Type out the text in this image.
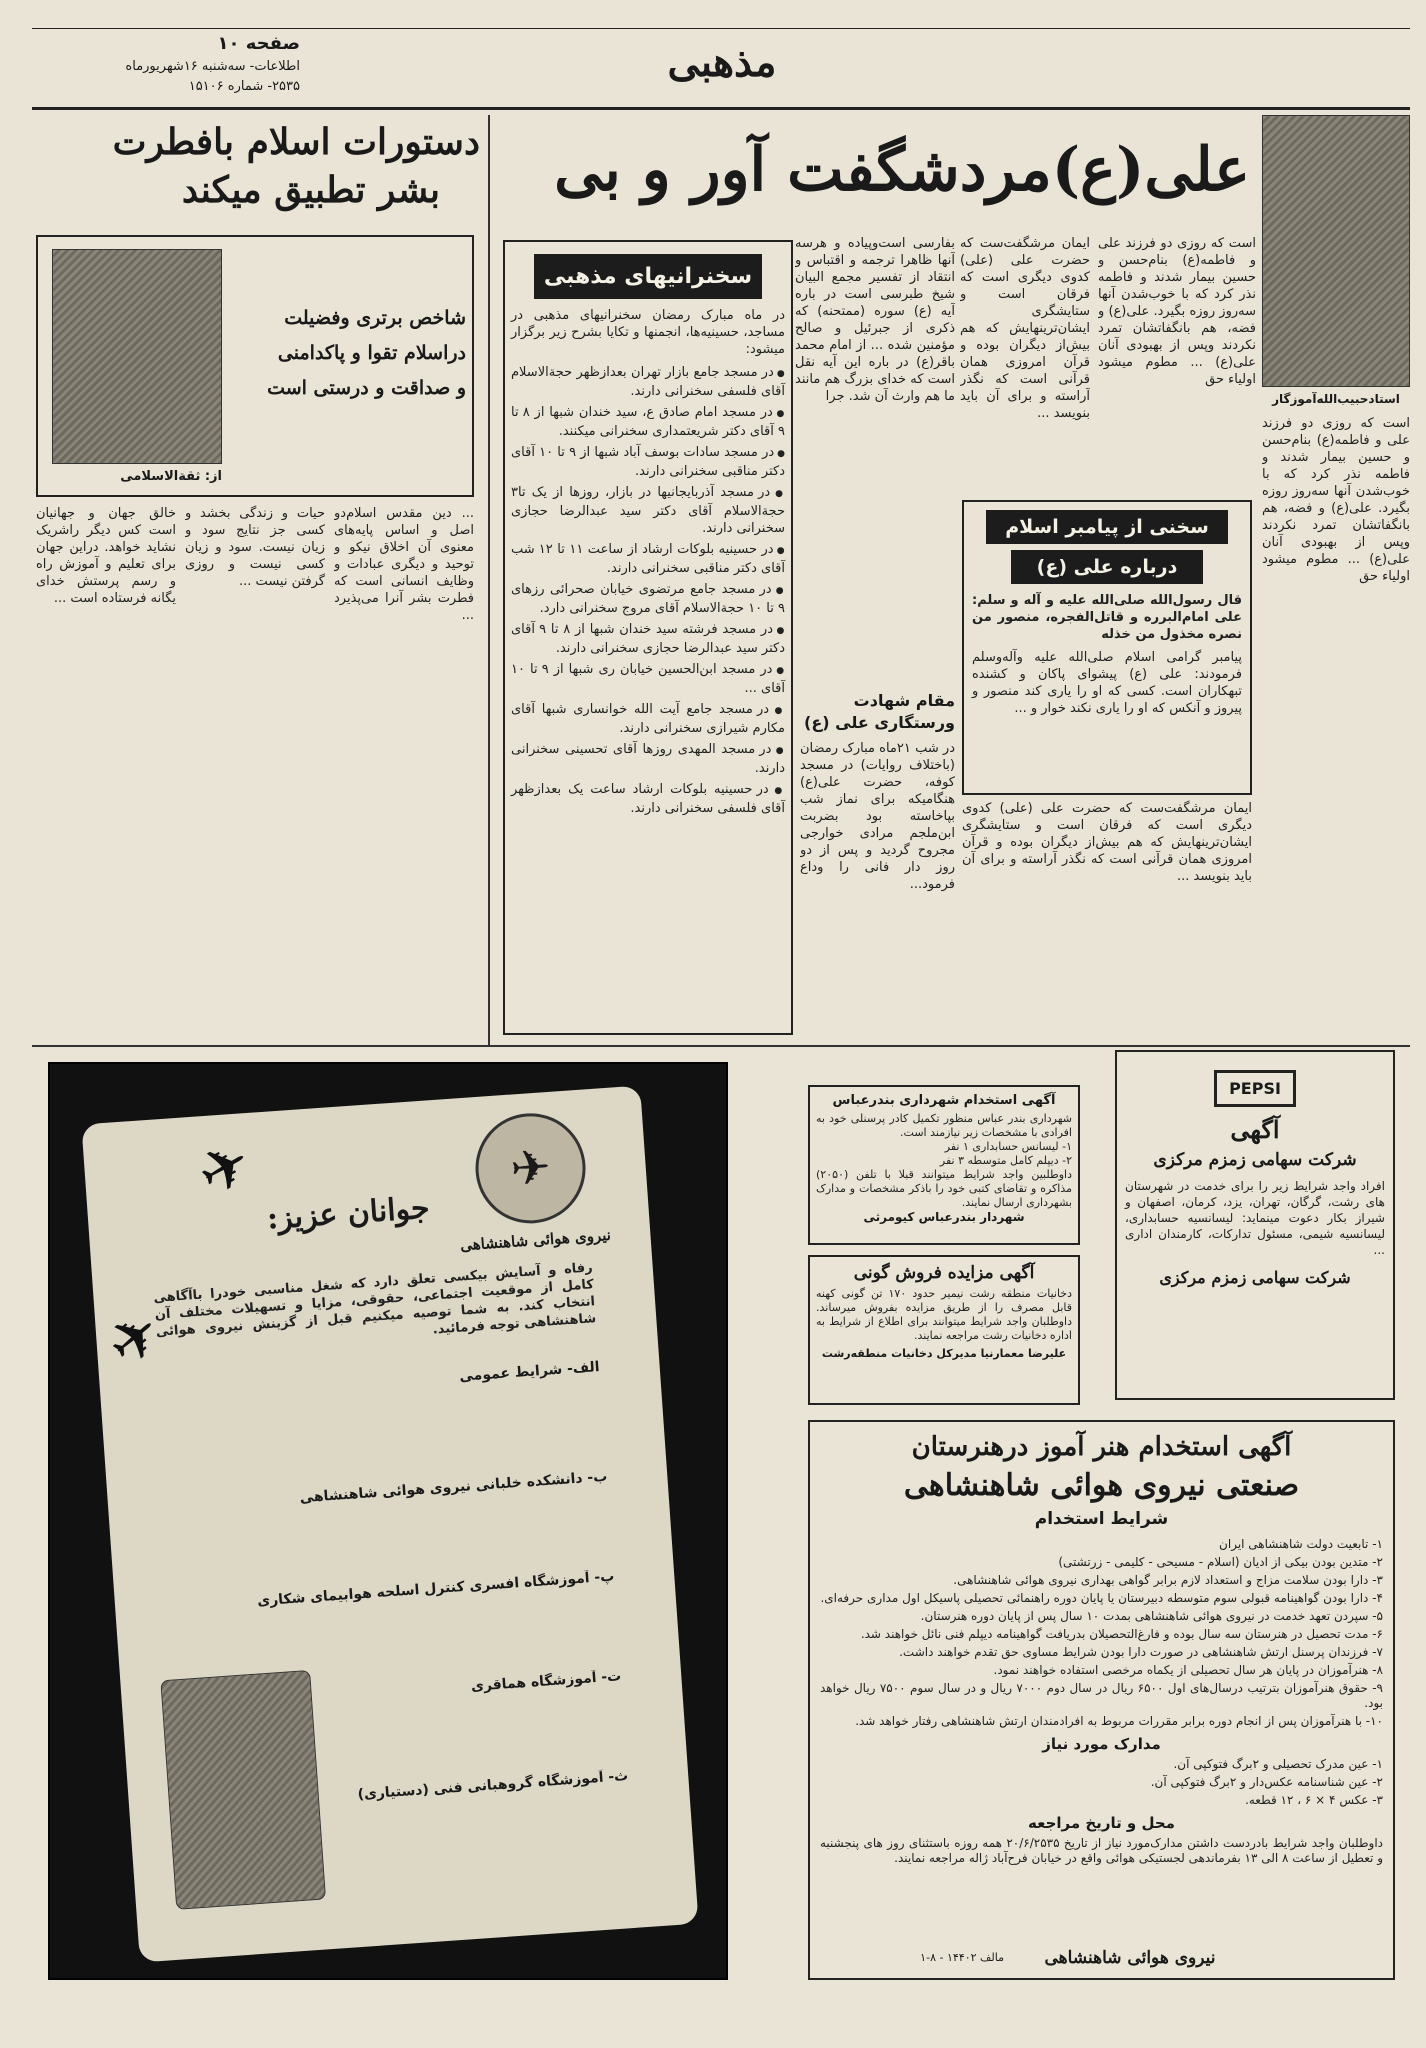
صفحه ۱۰
اطلاعات- سه‌شنبه ۱۶شهریورماه
۲۵۳۵- شماره ۱۵۱۰۶
مذهبی
استادحبیب‌الله‌آموزگار
علی(ع)مردشگفت آور و بی
است که روزی دو فرزند علی و فاطمه(ع) بنام‌حسن و حسین بیمار شدند و فاطمه نذر کرد که با خوب‌شدن آنها سه‌روز روزه بگیرد. علی(ع) و فضه، هم بانگفاتشان‌ تمرد نکردند وپس از بهبودی آنان علی(ع) ... مطوم میشود اولیاء حق
است که روزی دو فرزند علی و فاطمه(ع) بنام‌حسن و حسین بیمار شدند و فاطمه نذر کرد که با خوب‌شدن آنها سه‌روز روزه بگیرد. علی(ع) و فضه، هم بانگفاتشان‌ تمرد نکردند وپس از بهبودی آنان علی(ع) ... مطوم میشود اولیاء حق
ایمان مرشگفت‌ست که حضرت علی (علی) کدوی دیگری است که فرقان است و ستایشگری ایشان‌ترینهایش که هم بیش‌از دیگران بوده و قرآن امروزی همان قرآنی است که نگذر آراسته و برای آن باید بنویسد ...
بفارسی است‌وپیاده و هرسه آنها ظاهرا ترجمه و اقتباس و انتقاد از تفسیر مجمع البیان شیخ طبرسی است در باره آیه (ع) سوره (ممتحنه) که ذکری از جبرئیل و صالح مؤمنین شده ... از امام محمد باقر(ع) در باره این آیه نقل است که خدای بزرگ هم مانند ما هم وارث آن شد. جرا
سخنرانیهای مذهبی
در ماه مبارک رمضان سخنرانیهای مذهبی در مساجد، حسینیه‌ها، انجمنها و تکایا بشرح زیر برگزار میشود:
● در مسجد جامع بازار تهران بعدازظهر حجة‌الاسلام آقای فلسفی سخنرانی دارند.
● در مسجد امام صادق ع، سید خندان شبها از ۸ تا ۹ آقای دکتر شریعتمداری سخنرانی میکنند.
● در مسجد سادات بوسف آباد شبها از ۹ تا ۱۰ آقای دکتر مناقبی سخنرانی دارند.
● در مسجد آذربایجانیها در بازار، روزها از یک تا۳ حجة‌الاسلام آقای دکتر سید عبدالرضا حجازی سخنرانی دارند.
● در حسینیه بلوکات ارشاد از ساعت ۱۱ تا ۱۲ شب آقای دکتر مناقبی سخنرانی دارند.
● در مسجد جامع مرتضوی خیابان صحرائی رزهای ۹ تا ۱۰ حجة‌الاسلام آقای مروج سخنرانی دارد.
● در مسجد فرشته سید خندان شبها از ۸ تا ۹ آقای دکتر سید عبدالرضا حجازی سخنرانی دارند.
● در مسجد ابن‌الحسین خیابان ری شبها از ۹ تا ۱۰ آقای ...
● در مسجد جامع آیت الله خوانساری شبها آقای مکارم شیرازی سخنرانی دارند.
● در مسجد المهدی روزها آقای تحسینی سخنرانی دارند.
● در حسینیه بلوکات ارشاد ساعت یک بعدازظهر آقای فلسفی سخنرانی دارند.
مقام شهادت ورستگاری علی (ع)
در شب ۲۱ماه مبارک رمضان (باختلاف روایات) در مسجد کوفه، حضرت علی(ع) هنگامیکه برای نماز شب بپاخاسته بود بضربت ابن‌ملجم مرادی خوارجی مجروح گردید و پس از دو روز دار فانی را وداع فرمود...
سخنی از پیامبر اسلام
درباره علی (ع)
قال رسول‌الله صلی‌الله علیه و آله و سلم: علی امام‌البرره و قاتل‌الفجره، منصور من نصره مخذول من خذله
پیامبر گرامی اسلام صلی‌الله علیه وآله‌وسلم فرمودند: علی (ع) پیشوای پاکان و کشنده تبهکاران است. کسی که او را یاری کند منصور و پیروز و آنکس که او را یاری نکند خوار و ...
ایمان مرشگفت‌ست که حضرت علی (علی) کدوی دیگری است که فرقان است و ستایشگری ایشان‌ترینهایش که هم بیش‌از دیگران بوده و قرآن امروزی همان قرآنی است که نگذر آراسته و برای آن باید بنویسد ...
دستورات اسلام بافطرت
بشر تطبیق میکند
شاخص برتری وفضیلت
دراسلام تقوا و پاکدامنی
و صداقت و درستی است
از: ثقةالاسلامی
خالق جهان و جهانیان است کس دیگر راشریک نشاید خواهد. دراین جهان برای تعلیم و آموزش راه و رسم پرستش خدای یگانه فرستاده است ...
حیات و زندگی بخشد و کسی جز نتایج سود و زیان نیست. سود و زیان کسی نیست و روزی گرفتن نیست ...
... دین مقدس اسلام‌دو اصل و اساس پایه‌های معنوی آن اخلاق نیکو و توحید و دیگری عبادات و وظایف انسانی است که فطرت بشر آنرا می‌پذیرد ...
✈
نیروی هوائی شاهنشاهی
جوانان عزیز:
رفاه و آسایش بیکسی تعلق دارد که شغل مناسبی‌ خودرا باآگاهی کامل از موقعیت اجتماعی، حقوقی، مزایا و تسهیلات مختلف آن انتخاب کند. به شما توصیه میکنیم قبل از گزینش نیروی هوائی شاهنشاهی توجه فرمائید.
الف- شرایط عمومی
ب- دانشکده خلبانی نیروی هوائی شاهنشاهی
پ- آموزشگاه افسری کنترل اسلحه هوابیمای شکاری
ت- آموزشگاه هماقری
ث- آموزشگاه گروهبانی فنی (دستیاری)
✈
✈
آگهی استخدام شهرداری بندرعباس
شهرداری بندر عباس منظور تکمیل کادر پرسنلی خود به افرادی با مشخصات زیر نیازمند است.
۱- لیسانس حسابداری ۱ نفر
۲- دیپلم کامل متوسطه ۳ نفر
داوطلبین واجد شرایط میتوانند قبلا با تلفن (۲۰۵۰) مذاکره و تقاضای کتبی خود را باذکر مشخصات و مدارک بشهرداری ارسال نمایند.
شهردار بندرعباس کیومرثی
آگهی مزایده فروش گونی
دخانیات منطقه رشت نیمیر حدود ۱۷۰ تن گونی کهنه قابل مصرف را از طریق مزایده بفروش میرساند. داوطلبان واجد شرایط میتوانند برای اطلاع از شرایط به اداره دخانیات رشت مراجعه نمایند.
علیرضا معمارنیا مدیرکل دخانیات منطقه‌رشت
PEPSI
آگهی
شرکت سهامی زمزم مرکزی
افراد واجد شرایط زیر را برای خدمت در شهرستان های رشت، گرگان، تهران، یزد، کرمان، اصفهان و شیراز بکار دعوت مینماید: لیسانسیه حسابداری، لیسانسیه شیمی، مسئول تدارکات، کارمندان اداری ...
شرکت سهامی زمزم مرکزی
آگهی استخدام هنر آموز درهنرستان
صنعتی نیروی هوائی شاهنشاهی
شرایط استخدام
۱- تابعیت دولت شاهنشاهی ایران
۲- متدین بودن بیکی از ادیان (اسلام - مسیحی - کلیمی - زرتشتی)
۳- دارا بودن سلامت مزاج و استعداد لازم برابر گواهی بهداری نیروی هوائی شاهنشاهی.
۴- دارا بودن گواهینامه قبولی سوم متوسطه دبیرستان یا پایان دوره راهنمائی تحصیلی پاسیکل اول مداری حرفه‌ای.
۵- سپردن تعهد خدمت در نیروی هوائی شاهنشاهی بمدت ۱۰ سال پس از پایان دوره هنرستان.
۶- مدت تحصیل در هنرستان سه سال بوده و فارغ‌التحصیلان بدریافت گواهینامه دیپلم فنی نائل خواهند شد.
۷- فرزندان پرسنل ارتش شاهنشاهی در صورت دارا بودن شرایط مساوی حق تقدم خواهند داشت.
۸- هنرآموزان در پایان هر سال تحصیلی از یکماه مرخصی استفاده خواهند نمود.
۹- حقوق هنرآموزان بترتیب درسال‌های اول ۶۵۰۰ ریال در سال دوم ۷۰۰۰ ریال و در سال سوم ۷۵۰۰ ریال خواهد بود.
۱۰- با هنرآموزان پس از انجام دوره برابر مقررات مربوط به افرادمندان ارتش شاهنشاهی رفتار خواهد شد.
مدارک مورد نیاز
۱- عین مدرک تحصیلی و ۲برگ فتوکپی آن.
۲- عین شناسنامه عکس‌دار و ۲برگ فتوکپی آن.
۳- عکس ۴ × ۶ ، ۱۲ قطعه.
محل و تاریخ مراجعه
داوطلبان واجد شرایط بادردست داشتن مدارک‌مورد نیاز از تاریخ ۲۰/۶/۲۵۳۵ همه روزه باستثنای روز های پنجشنبه و تعطیل از ساعت ۸ الی ۱۳ بفرماندهی لجستیکی هوائی واقع در خیابان فرح‌آباد ژاله مراجعه نمایند.
مالف ۱۴۴۰۲ - ۸-۱	نیروی هوائی شاهنشاهی
